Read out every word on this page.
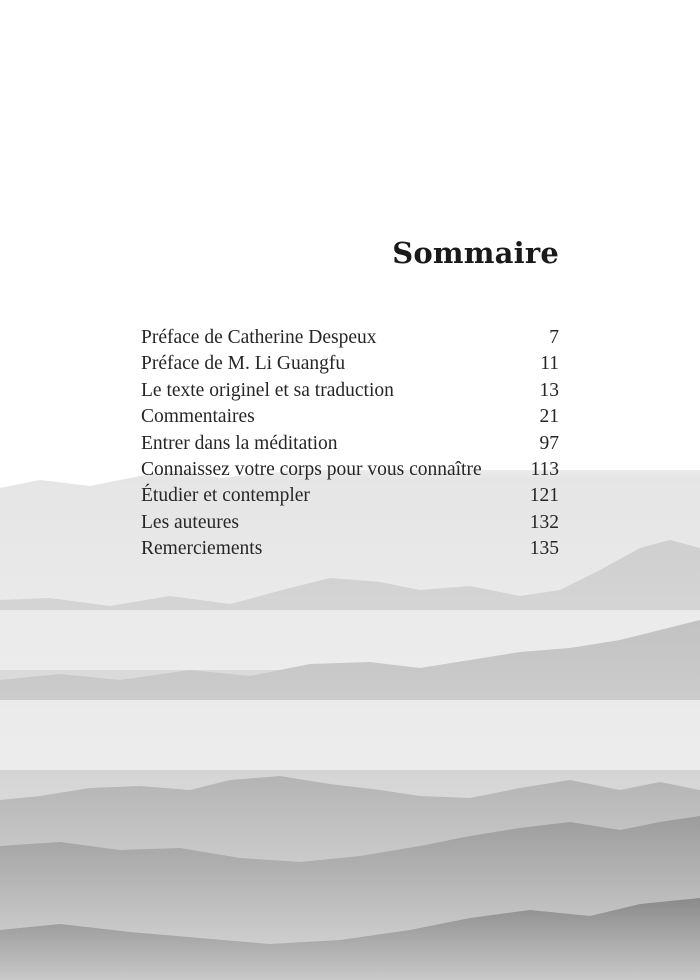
Sommaire
Préface de Catherine Despeux	7
Préface de M. Li Guangfu	11
Le texte originel et sa traduction	13
Commentaires	21
Entrer dans la méditation	97
Connaissez votre corps pour vous connaître	113
Étudier et contempler	121
Les auteures	132
Remerciements	135
